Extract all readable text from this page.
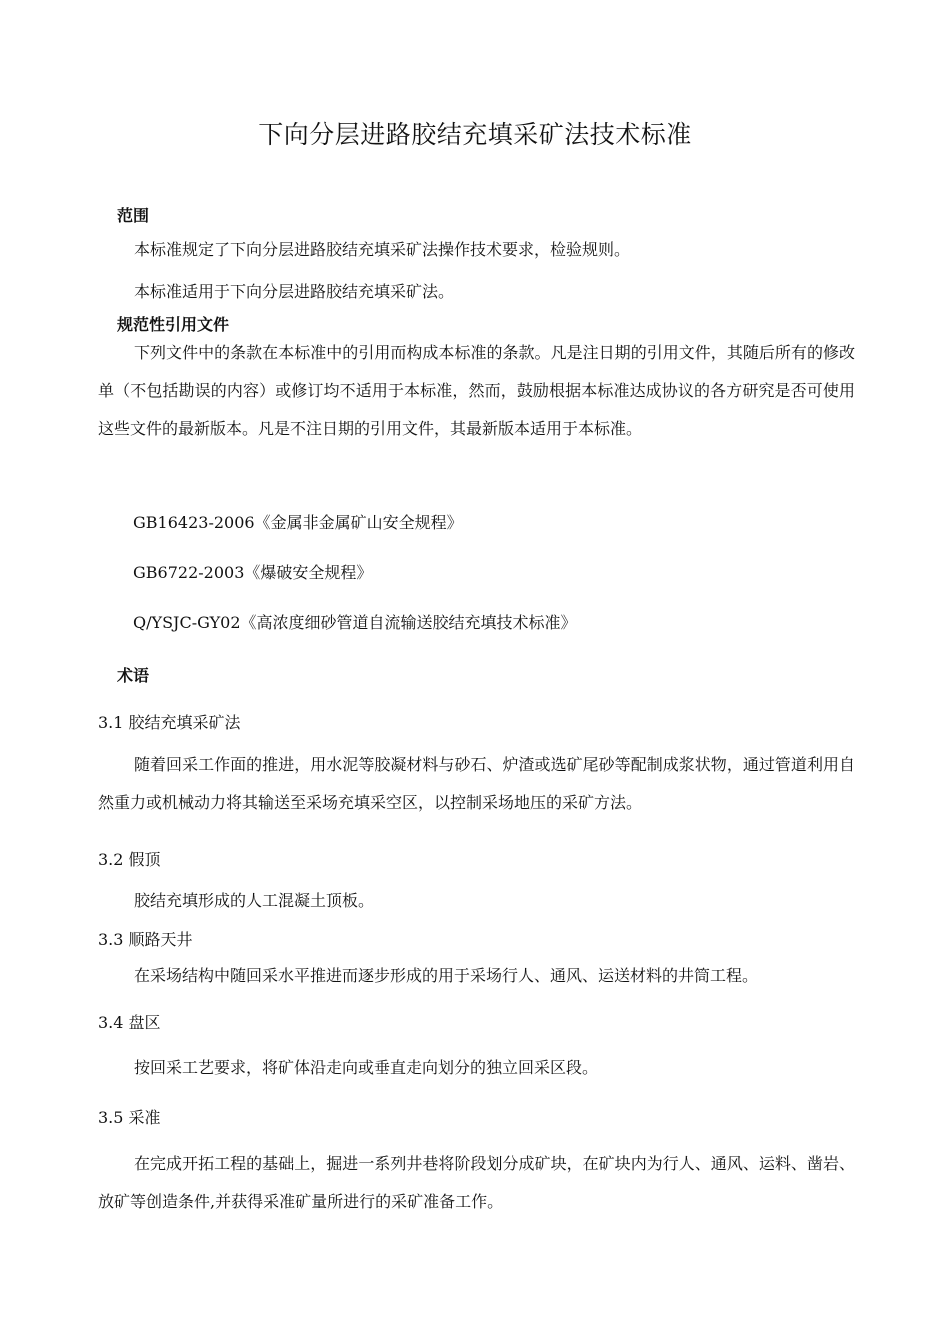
下向分层进路胶结充填采矿法技术标准
范围
本标准规定了下向分层进路胶结充填采矿法操作技术要求，检验规则。
本标准适用于下向分层进路胶结充填采矿法。
规范性引用文件
下列文件中的条款在本标准中的引用而构成本标准的条款。凡是注日期的引用文件，其随后所有的修改单（不包括勘误的内容）或修订均不适用于本标准，然而，鼓励根据本标准达成协议的各方研究是否可使用这些文件的最新版本。凡是不注日期的引用文件，其最新版本适用于本标准。
GB16423-2006《金属非金属矿山安全规程》
GB6722-2003《爆破安全规程》
Q/YSJC-GY02《高浓度细砂管道自流输送胶结充填技术标准》
术语
3.1 胶结充填采矿法
随着回采工作面的推进，用水泥等胶凝材料与砂石、炉渣或选矿尾砂等配制成浆状物，通过管道利用自然重力或机械动力将其输送至采场充填采空区，以控制采场地压的采矿方法。
3.2 假顶
胶结充填形成的人工混凝土顶板。
3.3 顺路天井
在采场结构中随回采水平推进而逐步形成的用于采场行人、通风、运送材料的井筒工程。
3.4 盘区
按回采工艺要求，将矿体沿走向或垂直走向划分的独立回采区段。
3.5 采准
在完成开拓工程的基础上，掘进一系列井巷将阶段划分成矿块，在矿块内为行人、通风、运料、凿岩、放矿等创造条件,并获得采准矿量所进行的采矿准备工作。
